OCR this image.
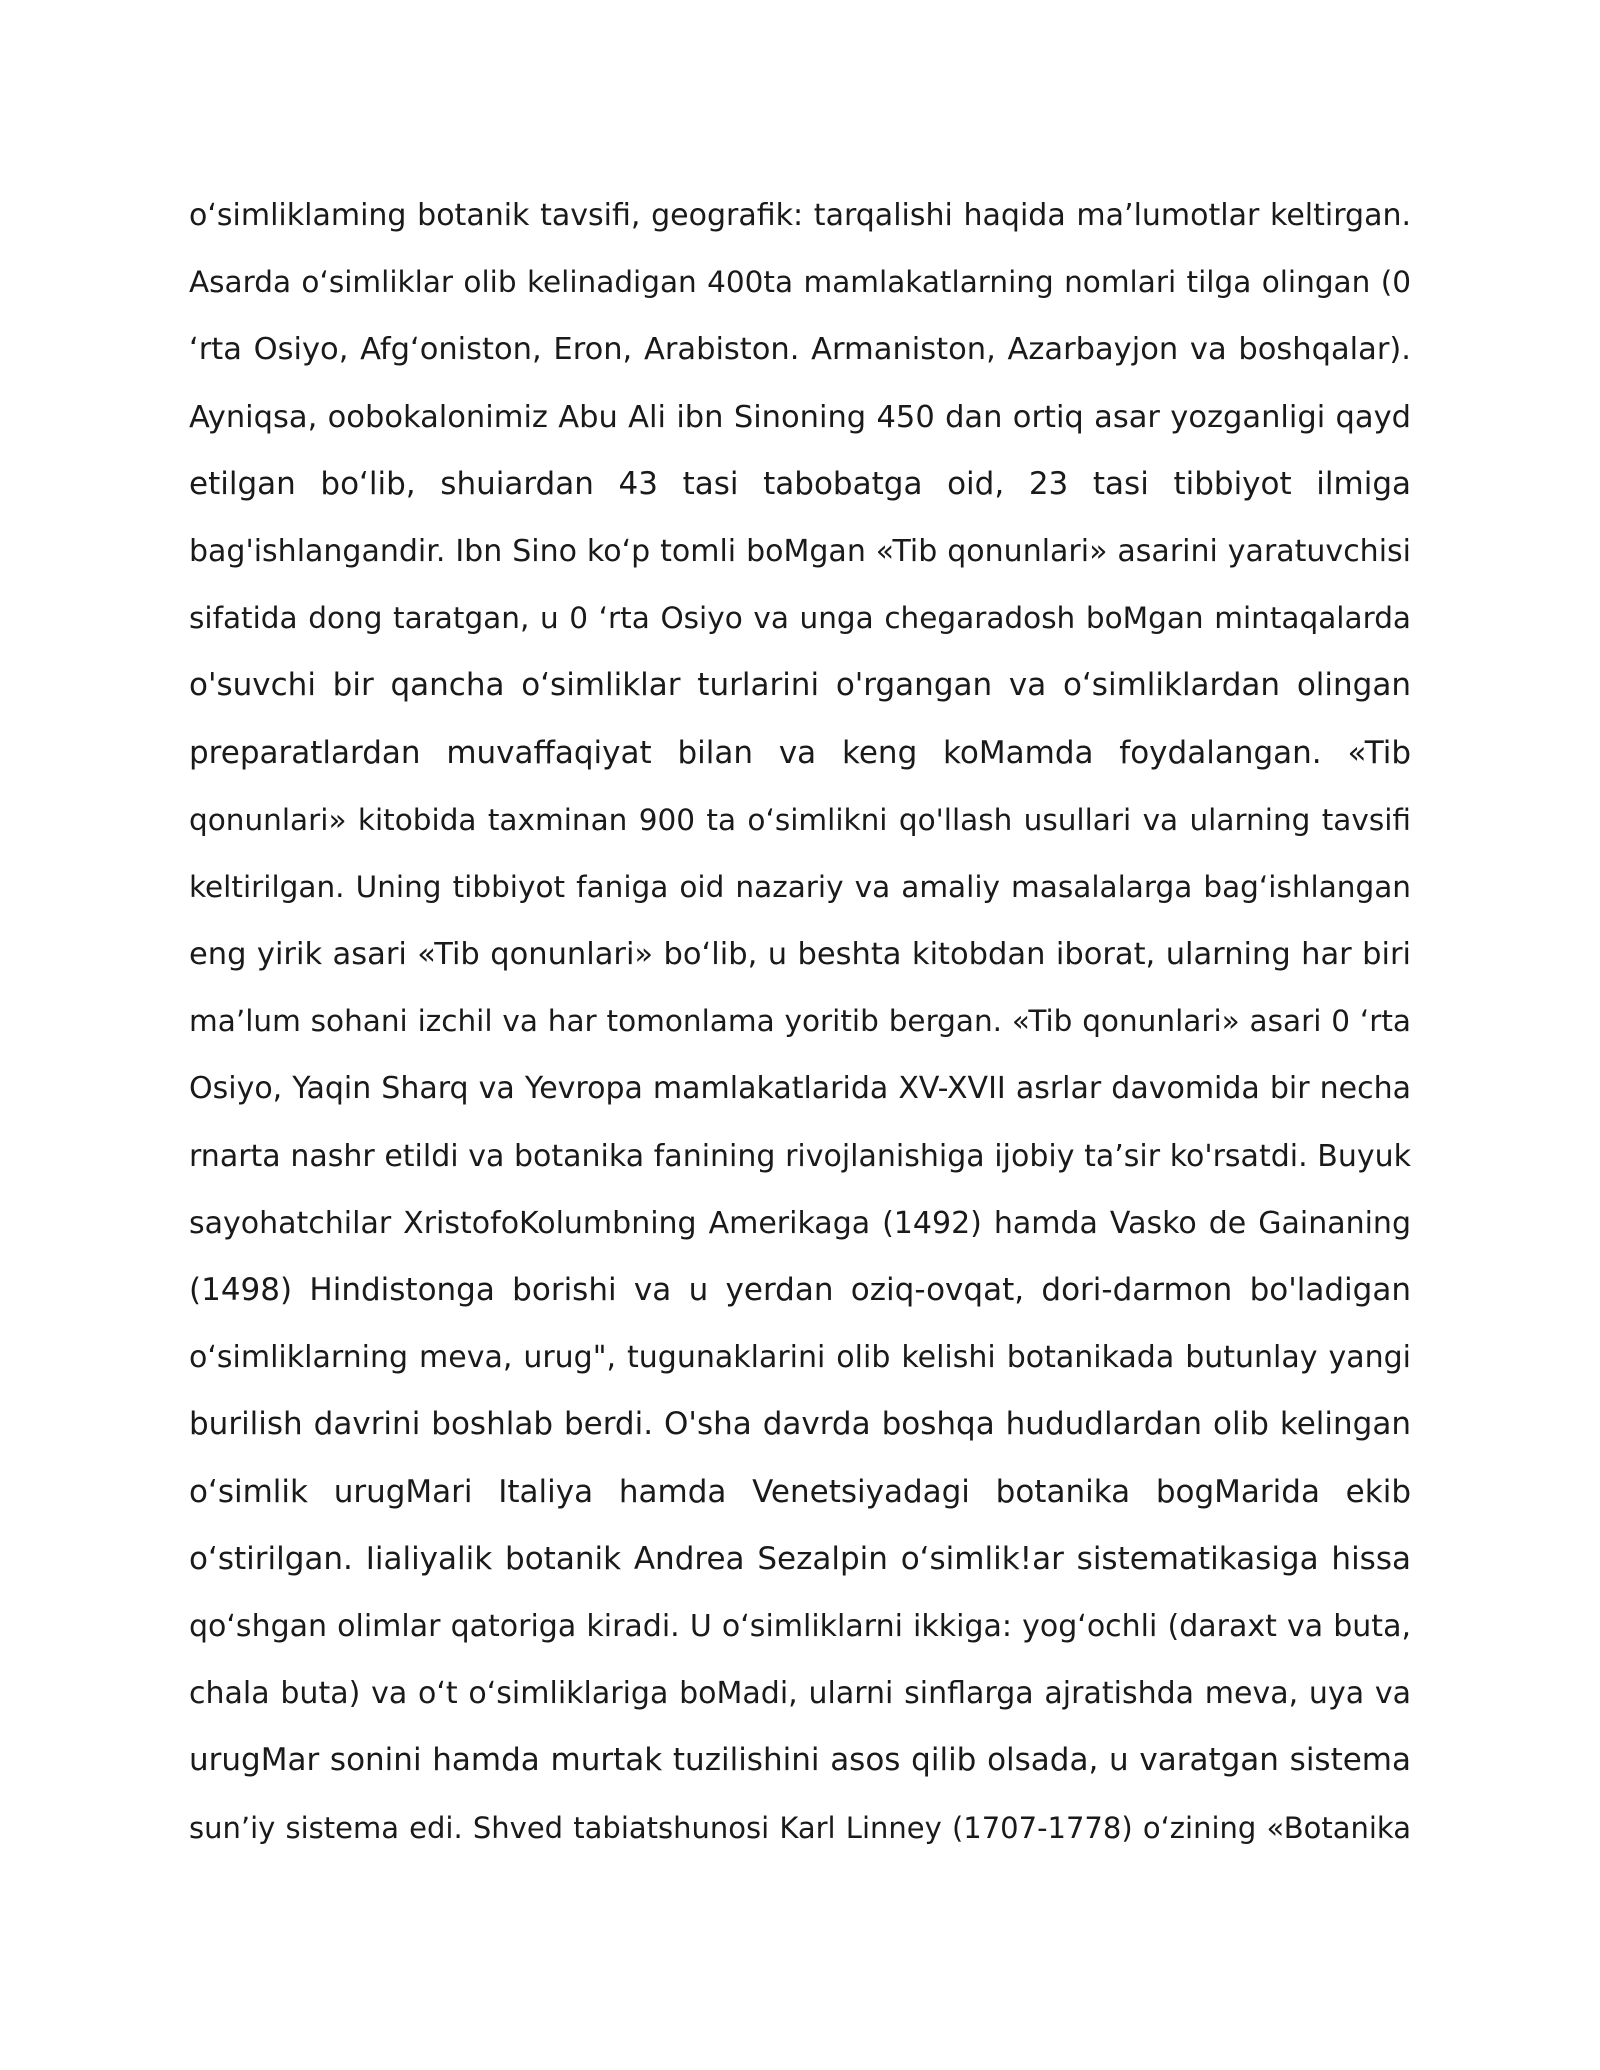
o‘simliklaming botanik tavsifi, geografik: tarqalishi haqida ma’lumotlar keltirgan.
Asarda o‘simliklar olib kelinadigan 400ta mamlakatlarning nomlari tilga olingan (0
‘rta Osiyo, Afg‘oniston, Eron, Arabiston. Armaniston, Azarbayjon va boshqalar).
Ayniqsa, oobokalonimiz Abu Ali ibn Sinoning 450 dan ortiq asar yozganligi qayd
etilgan bo‘lib, shuiardan 43 tasi tabobatga oid, 23 tasi tibbiyot ilmiga
bag'ishlangandir. Ibn Sino ko‘p tomli boMgan «Tib qonunlari» asarini yaratuvchisi
sifatida dong taratgan, u 0 ‘rta Osiyo va unga chegaradosh boMgan mintaqalarda
o'suvchi bir qancha o‘simliklar turlarini o'rgangan va o‘simliklardan olingan
preparatlardan muvaffaqiyat bilan va keng koMamda foydalangan. «Tib
qonunlari» kitobida taxminan 900 ta o‘simlikni qo'llash usullari va ularning tavsifi
keltirilgan. Uning tibbiyot faniga oid nazariy va amaliy masalalarga bag‘ishlangan
eng yirik asari «Tib qonunlari» bo‘lib, u beshta kitobdan iborat, ularning har biri
ma’lum sohani izchil va har tomonlama yoritib bergan. «Tib qonunlari» asari 0 ‘rta
Osiyo, Yaqin Sharq va Yevropa mamlakatlarida XV-XVII asrlar davomida bir necha
rnarta nashr etildi va botanika fanining rivojlanishiga ijobiy ta’sir ko'rsatdi. Buyuk
sayohatchilar XristofoKolumbning Amerikaga (1492) hamda Vasko de Gainaning
(1498) Hindistonga borishi va u yerdan oziq-ovqat, dori-darmon bo'ladigan
o‘simliklarning meva, urug", tugunaklarini olib kelishi botanikada butunlay yangi
burilish davrini boshlab berdi. O'sha davrda boshqa hududlardan olib kelingan
o‘simlik urugMari Italiya hamda Venetsiyadagi botanika bogMarida ekib
o‘stirilgan. Iialiyalik botanik Andrea Sezalpin o‘simlik!ar sistematikasiga hissa
qo‘shgan olimlar qatoriga kiradi. U o‘simliklarni ikkiga: yog‘ochli (daraxt va buta,
chala buta) va o‘t o‘simliklariga boMadi, ularni sinflarga ajratishda meva, uya va
urugMar sonini hamda murtak tuzilishini asos qilib olsada, u varatgan sistema
sun’iy sistema edi. Shved tabiatshunosi Karl Linney (1707-1778) o‘zining «Botanika
